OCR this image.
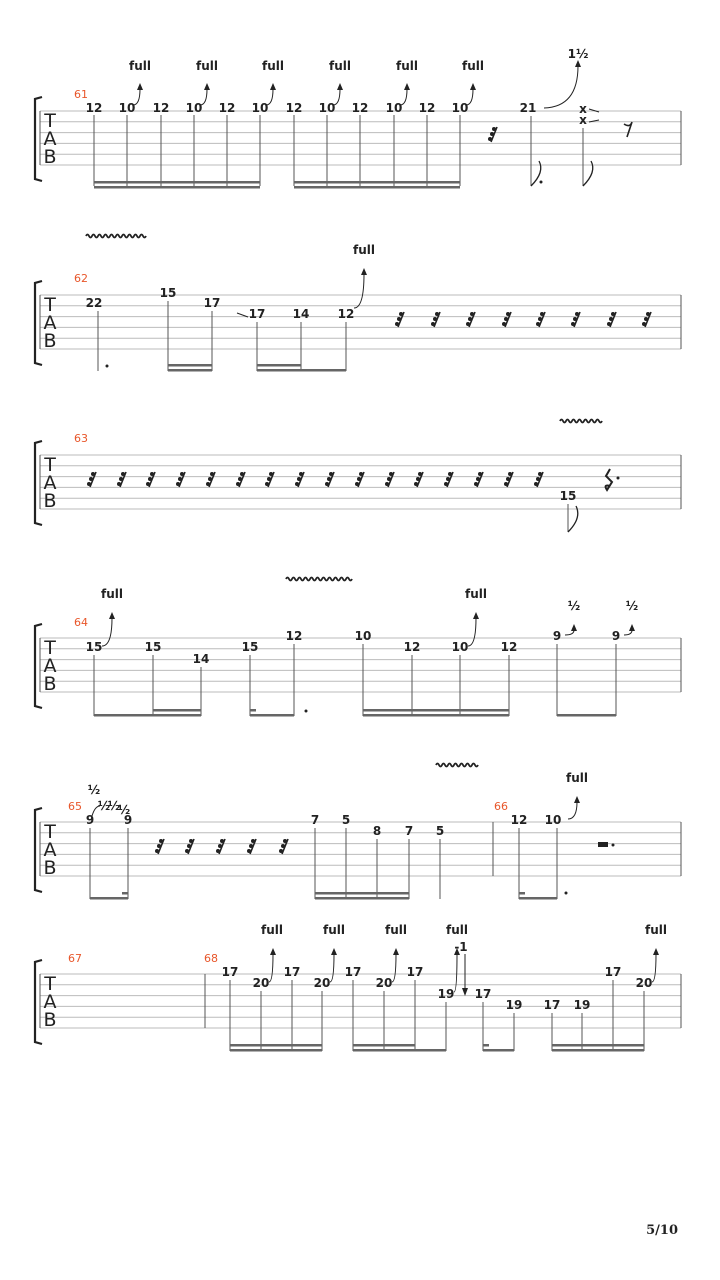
T
A
B
61
12 10 12 10 12 10 12 10 12 10 12 10
full	full	full	full	full	full
21
1½
x
x
T
A
B
62
22
15
17
17 14 12
full
T
A
B
63
15
T
A
B
64
15	15
14
15
12	10
12	10	12
9	9
full	full
½	½
T
A
B
65	66
9 9
½
½
½
½
7 5
8 7 5
12 10
full
T
A
B
67	68
17
20
17
20
17
20
17
19 17
19 17 19
17
20
full	full	full	full
-1
full
5/10
